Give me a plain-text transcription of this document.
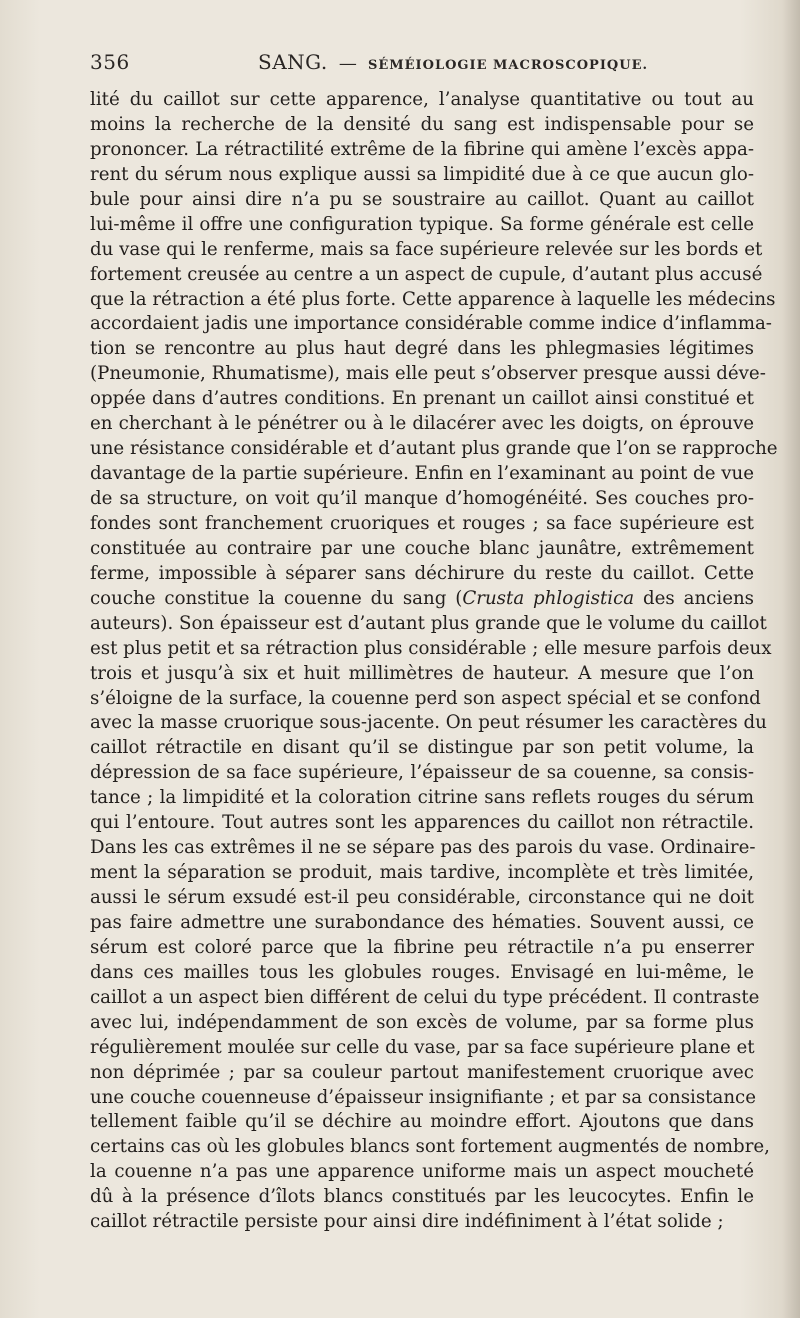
356	SANG. — SÉMÉIOLOGIE MACROSCOPIQUE.
lité du caillot sur cette apparence, l’analyse quantitative ou tout au
moins la recherche de la densité du sang est indispensable pour se
prononcer. La rétractilité extrême de la fibrine qui amène l’excès appa-
rent du sérum nous explique aussi sa limpidité due à ce que aucun glo-
bule pour ainsi dire n’a pu se soustraire au caillot. Quant au caillot
lui-même il offre une configuration typique. Sa forme générale est celle
du vase qui le renferme, mais sa face supérieure relevée sur les bords et
fortement creusée au centre a un aspect de cupule, d’autant plus accusé
que la rétraction a été plus forte. Cette apparence à laquelle les médecins
accordaient jadis une importance considérable comme indice d’inflamma-
tion se rencontre au plus haut degré dans les phlegmasies légitimes
(Pneumonie, Rhumatisme), mais elle peut s’observer presque aussi déve-
oppée dans d’autres conditions. En prenant un caillot ainsi constitué et
en cherchant à le pénétrer ou à le dilacérer avec les doigts, on éprouve
une résistance considérable et d’autant plus grande que l’on se rapproche
davantage de la partie supérieure. Enfin en l’examinant au point de vue
de sa structure, on voit qu’il manque d’homogénéité. Ses couches pro-
fondes sont franchement cruoriques et rouges ; sa face supérieure est
constituée au contraire par une couche blanc jaunâtre, extrêmement
ferme, impossible à séparer sans déchirure du reste du caillot. Cette
couche constitue la couenne du sang (Crusta phlogistica des anciens
auteurs). Son épaisseur est d’autant plus grande que le volume du caillot
est plus petit et sa rétraction plus considérable ; elle mesure parfois deux
trois et jusqu’à six et huit millimètres de hauteur. A mesure que l’on
s’éloigne de la surface, la couenne perd son aspect spécial et se confond
avec la masse cruorique sous-jacente. On peut résumer les caractères du
caillot rétractile en disant qu’il se distingue par son petit volume, la
dépression de sa face supérieure, l’épaisseur de sa couenne, sa consis-
tance ; la limpidité et la coloration citrine sans reflets rouges du sérum
qui l’entoure. Tout autres sont les apparences du caillot non rétractile.
Dans les cas extrêmes il ne se sépare pas des parois du vase. Ordinaire-
ment la séparation se produit, mais tardive, incomplète et très limitée,
aussi le sérum exsudé est-il peu considérable, circonstance qui ne doit
pas faire admettre une surabondance des hématies. Souvent aussi, ce
sérum est coloré parce que la fibrine peu rétractile n’a pu enserrer
dans ces mailles tous les globules rouges. Envisagé en lui-même, le
caillot a un aspect bien différent de celui du type précédent. Il contraste
avec lui, indépendamment de son excès de volume, par sa forme plus
régulièrement moulée sur celle du vase, par sa face supérieure plane et
non déprimée ; par sa couleur partout manifestement cruorique avec
une couche couenneuse d’épaisseur insignifiante ; et par sa consistance
tellement faible qu’il se déchire au moindre effort. Ajoutons que dans
certains cas où les globules blancs sont fortement augmentés de nombre,
la couenne n’a pas une apparence uniforme mais un aspect moucheté
dû à la présence d’îlots blancs constitués par les leucocytes. Enfin le
caillot rétractile persiste pour ainsi dire indéfiniment à l’état solide ;
